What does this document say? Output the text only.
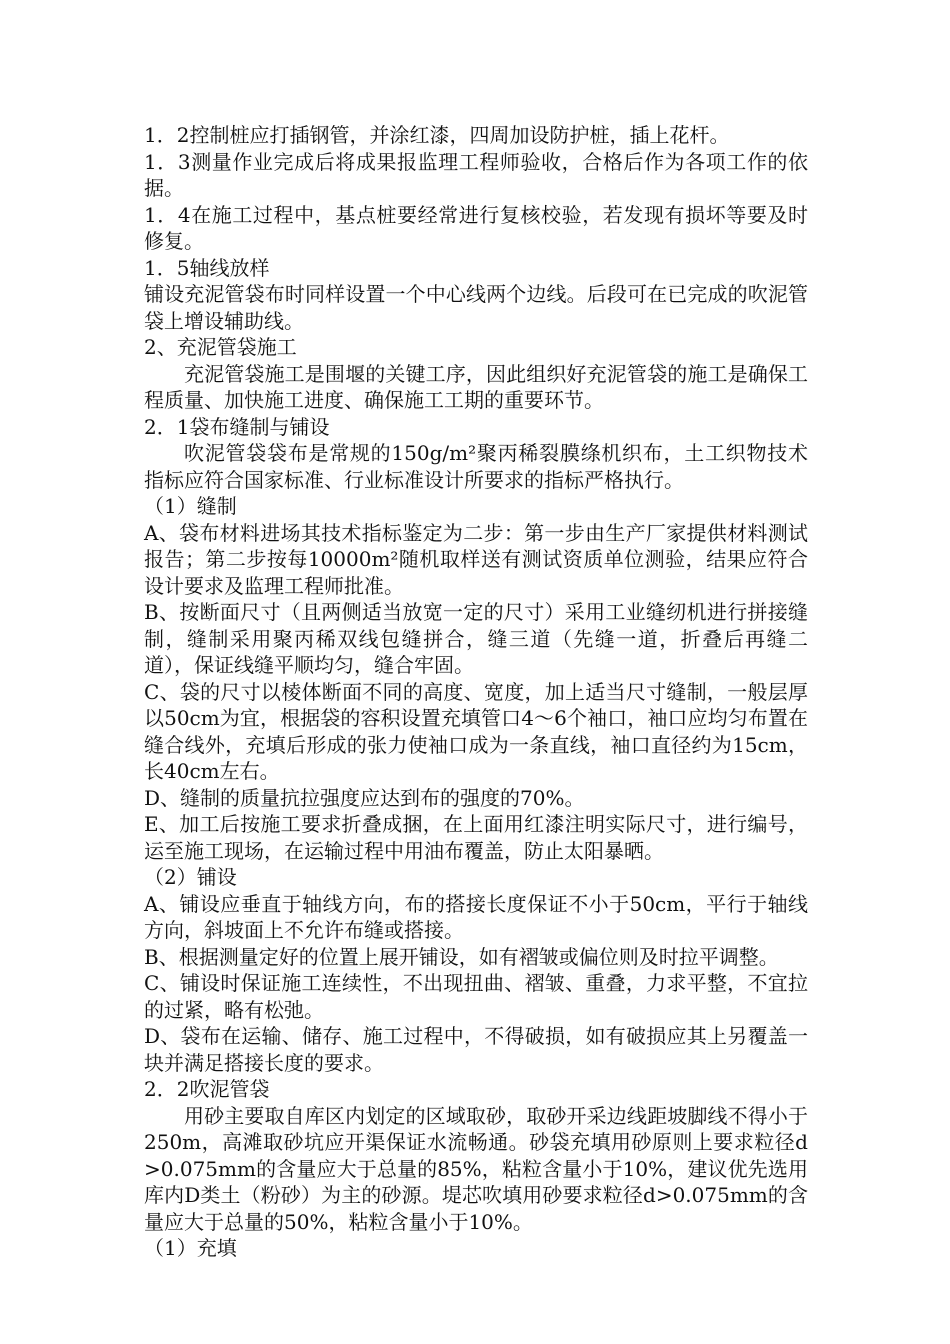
1．2控制桩应打插钢管，并涂红漆，四周加设防护桩，插上花杆。

1．3测量作业完成后将成果报监理工程师验收，合格后作为各项工作的依据。

1．4在施工过程中，基点桩要经常进行复核校验，若发现有损坏等要及时修复。

1．5轴线放样

铺设充泥管袋布时同样设置一个中心线两个边线。后段可在已完成的吹泥管袋上增设辅助线。

2、充泥管袋施工

充泥管袋施工是围堰的关键工序，因此组织好充泥管袋的施工是确保工程质量、加快施工进度、确保施工工期的重要环节。

2．1袋布缝制与铺设

吹泥管袋袋布是常规的150g/m²聚丙稀裂膜绦机织布，土工织物技术指标应符合国家标准、行业标准设计所要求的指标严格执行。

（1）缝制

A、袋布材料进场其技术指标鉴定为二步：第一步由生产厂家提供材料测试报告；第二步按每10000m²随机取样送有测试资质单位测验，结果应符合设计要求及监理工程师批准。

B、按断面尺寸（且两侧适当放宽一定的尺寸）采用工业缝纫机进行拼接缝制，缝制采用聚丙稀双线包缝拼合，缝三道（先缝一道，折叠后再缝二道），保证线缝平顺均匀，缝合牢固。

C、袋的尺寸以棱体断面不同的高度、宽度，加上适当尺寸缝制，一般层厚以50cm为宜，根据袋的容积设置充填管口4～6个袖口，袖口应均匀布置在缝合线外，充填后形成的张力使袖口成为一条直线，袖口直径约为15cm，长40cm左右。

D、缝制的质量抗拉强度应达到布的强度的70%。

E、加工后按施工要求折叠成捆，在上面用红漆注明实际尺寸，进行编号，运至施工现场，在运输过程中用油布覆盖，防止太阳暴晒。

（2）铺设

A、铺设应垂直于轴线方向，布的搭接长度保证不小于50cm，平行于轴线方向，斜坡面上不允许布缝或搭接。

B、根据测量定好的位置上展开铺设，如有褶皱或偏位则及时拉平调整。

C、铺设时保证施工连续性，不出现扭曲、褶皱、重叠，力求平整，不宜拉的过紧，略有松弛。

D、袋布在运输、储存、施工过程中，不得破损，如有破损应其上另覆盖一块并满足搭接长度的要求。

2．2吹泥管袋

用砂主要取自库区内划定的区域取砂，取砂开采边线距坡脚线不得小于250m，高滩取砂坑应开渠保证水流畅通。砂袋充填用砂原则上要求粒径d>0.075mm的含量应大于总量的85%，粘粒含量小于10%，建议优先选用库内D类土（粉砂）为主的砂源。堤芯吹填用砂要求粒径d>0.075mm的含量应大于总量的50%，粘粒含量小于10%。

（1）充填
